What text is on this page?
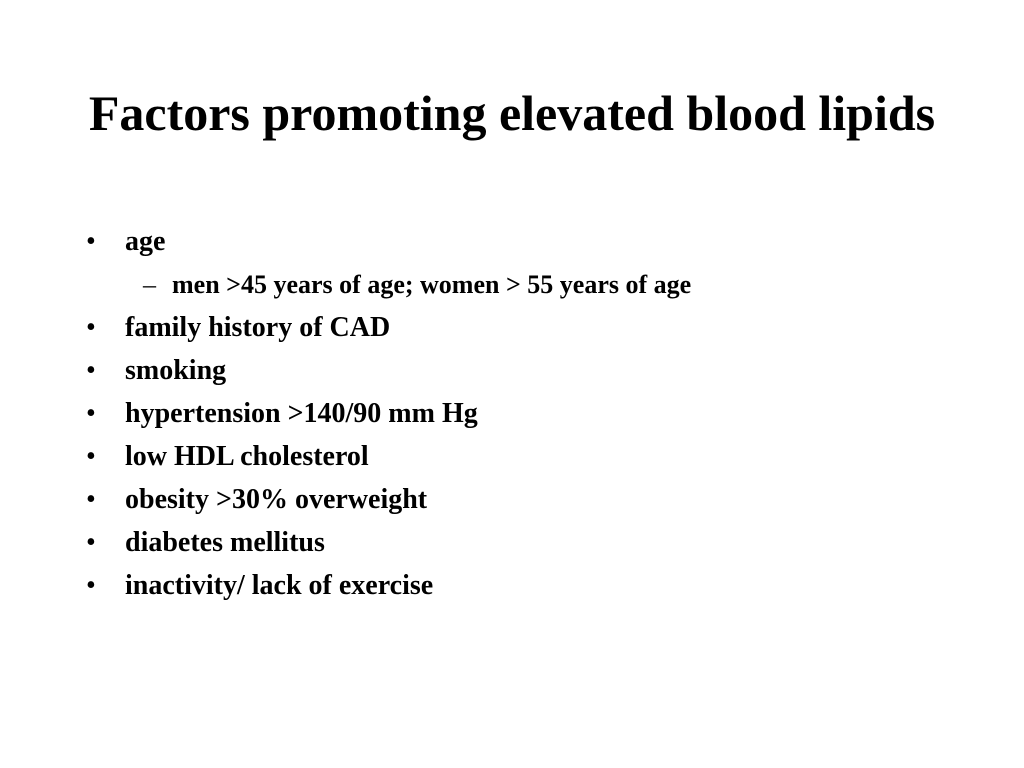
Factors promoting elevated blood lipids
• age
– men >45 years of age; women > 55 years of age
• family history of CAD
• smoking
• hypertension >140/90 mm Hg
• low HDL cholesterol
• obesity >30% overweight
• diabetes mellitus
• inactivity/ lack of exercise
